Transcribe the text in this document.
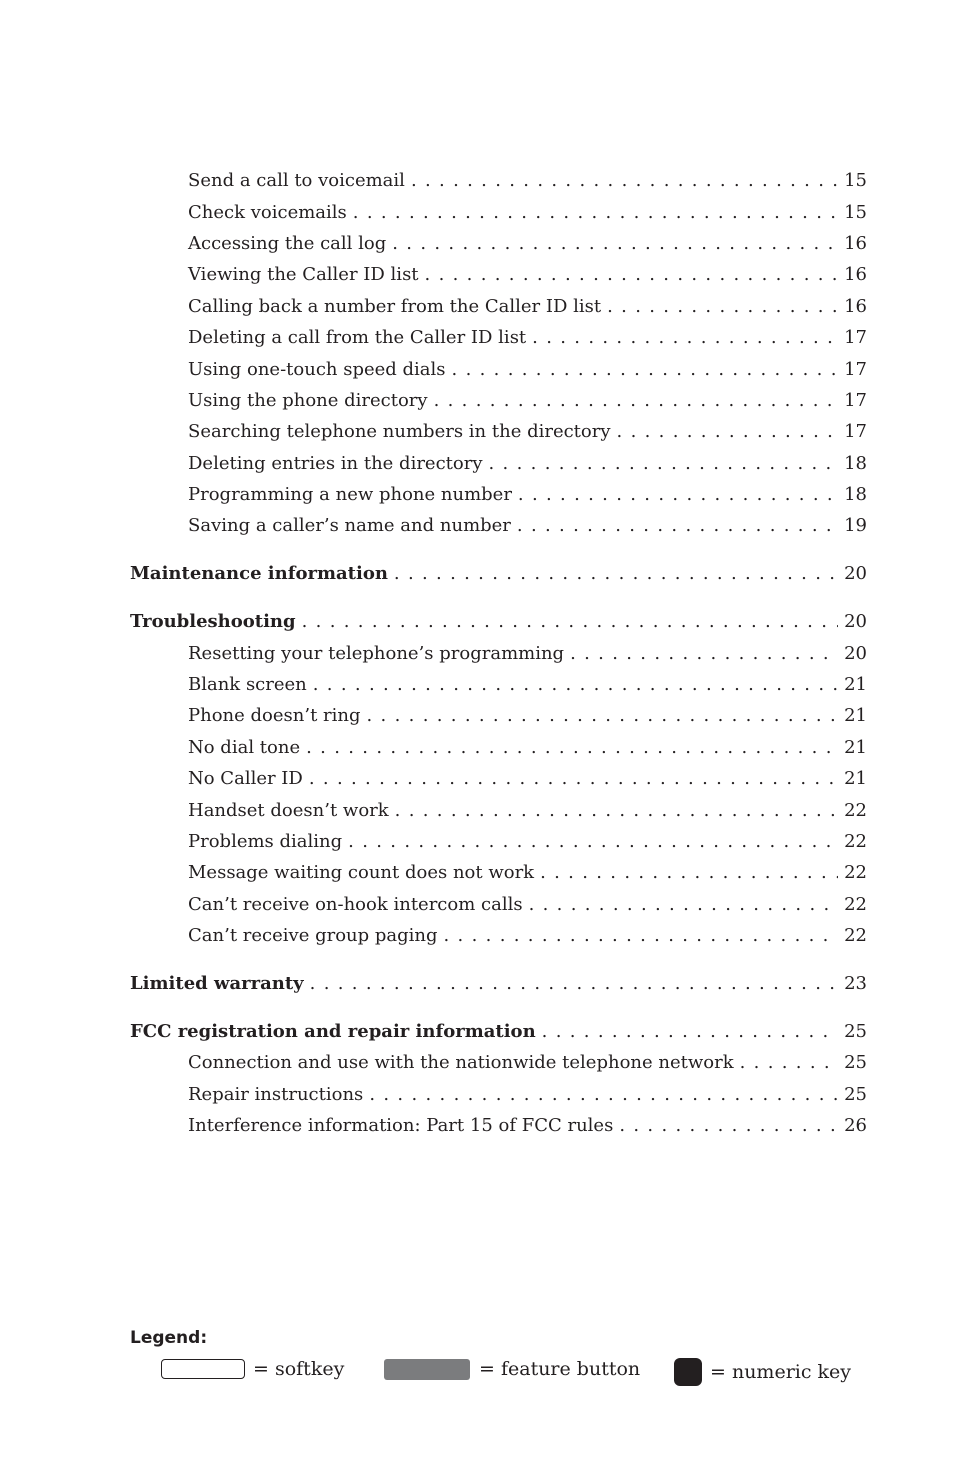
Send a call to voicemail . . .	15
Check voicemails . . .	15
Accessing the call log . . .	16
Viewing the Caller ID list . . .	16
Calling back a number from the Caller ID list . . .	16
Deleting a call from the Caller ID list . . .	17
Using one-touch speed dials . . .	17
Using the phone directory . . .	17
Searching telephone numbers in the directory . . .	17
Deleting entries in the directory . . .	18
Programming a new phone number . . .	18
Saving a caller’s name and number . . .	19
Maintenance information . . .	20
Troubleshooting . . .	20
Resetting your telephone’s programming . . .	20
Blank screen . . .	21
Phone doesn’t ring . . .	21
No dial tone . . .	21
No Caller ID . . .	21
Handset doesn’t work . . .	22
Problems dialing . . .	22
Message waiting count does not work . . .	22
Can’t receive on-hook intercom calls . . .	22
Can’t receive group paging . . .	22
Limited warranty . . .	23
FCC registration and repair information . . .	25
Connection and use with the nationwide telephone network . . .	25
Repair instructions . . .	25
Interference information: Part 15 of FCC rules . . .	26
Legend:
= softkey	= feature button	= numeric key
